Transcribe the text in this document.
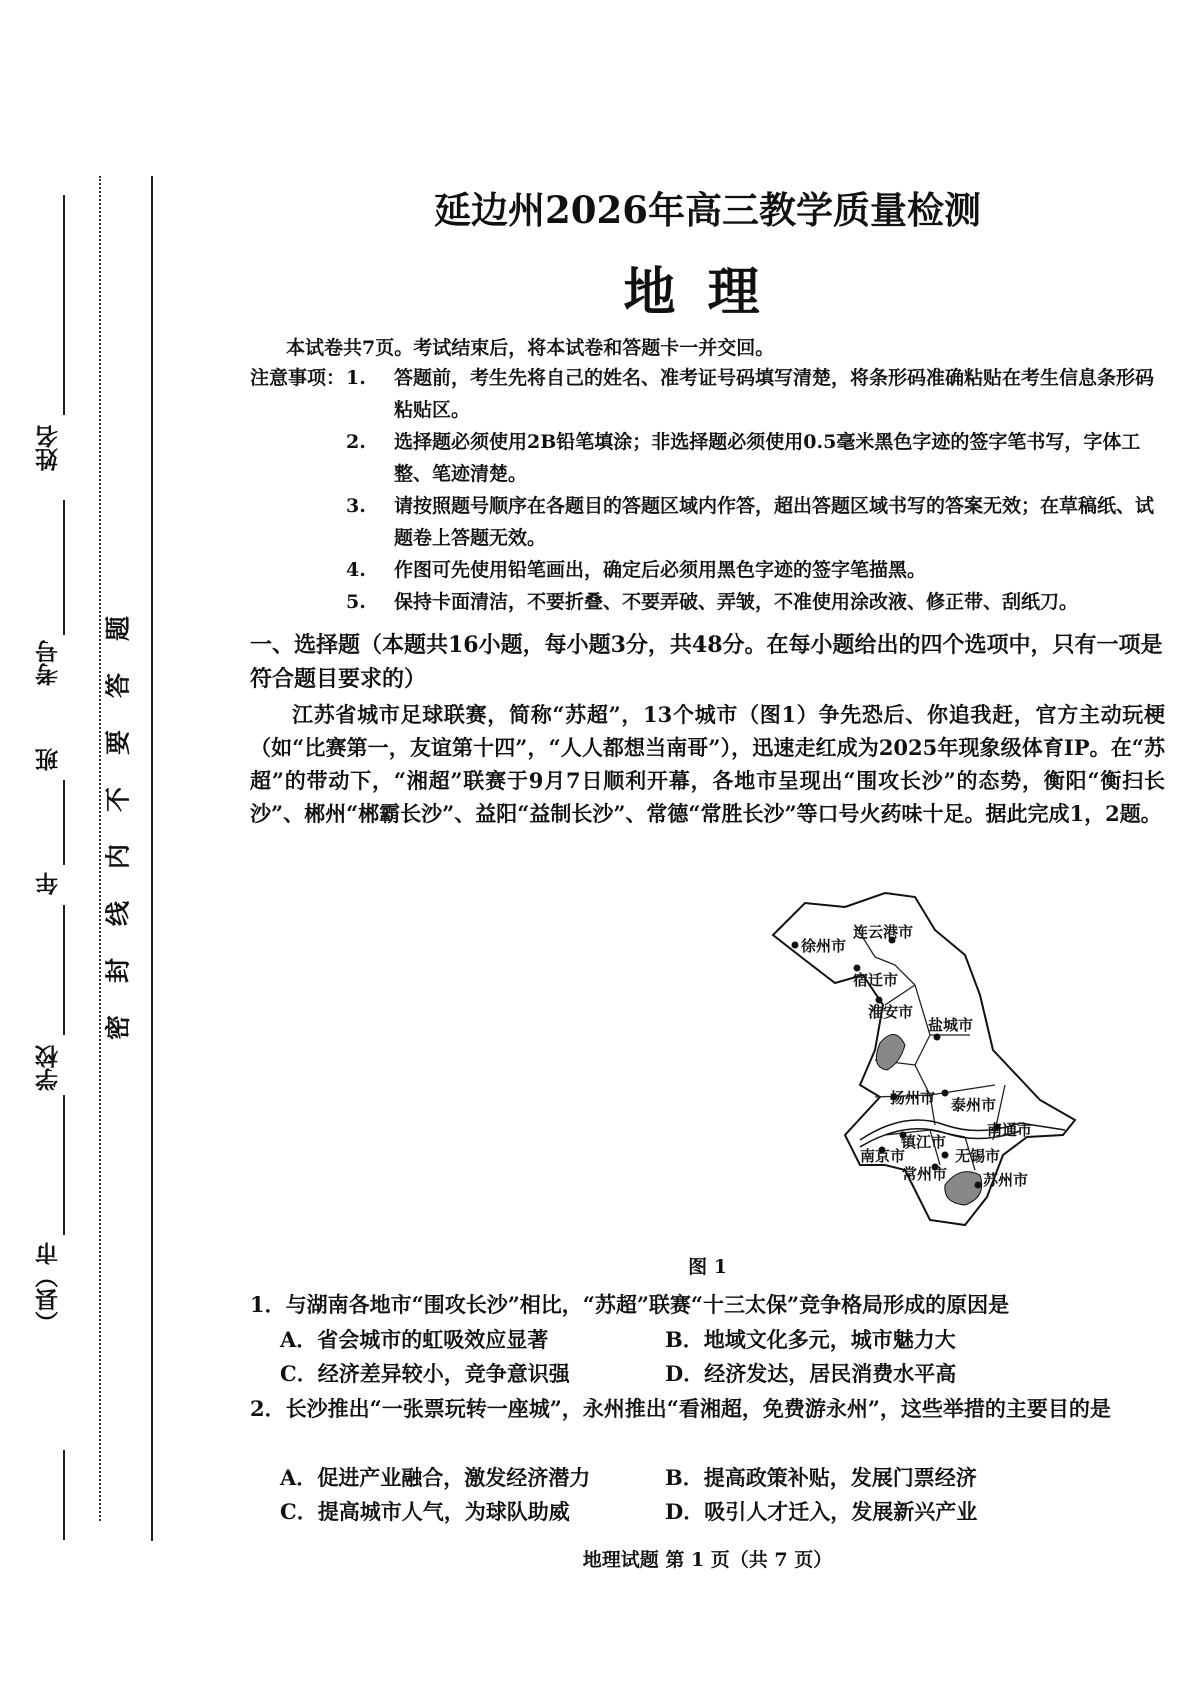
（县）市
学校
年
班
考号
姓名
题
答
要
不
内
线
封
密
延边州2026年高三教学质量检测
地理
本试卷共7页。考试结束后，将本试卷和答题卡一并交回。
注意事项： 1.	答题前，考生先将自己的姓名、准考证号码填写清楚，将条形码准确粘贴在考生信息条形码粘贴区。
2.	选择题必须使用2B铅笔填涂；非选择题必须使用0.5毫米黑色字迹的签字笔书写，字体工整、笔迹清楚。
3.	请按照题号顺序在各题目的答题区域内作答，超出答题区域书写的答案无效；在草稿纸、试题卷上答题无效。
4.	作图可先使用铅笔画出，确定后必须用黑色字迹的签字笔描黑。
5.	保持卡面清洁，不要折叠、不要弄破、弄皱，不准使用涂改液、修正带、刮纸刀。
一、选择题（本题共16小题，每小题3分，共48分。在每小题给出的四个选项中，只有一项是符合题目要求的）
江苏省城市足球联赛，简称“苏超”，13个城市（图1）争先恐后、你追我赶，官方主动玩梗（如“比赛第一，友谊第十四”，“人人都想当南哥”），迅速走红成为2025年现象级体育IP。在“苏超”的带动下，“湘超”联赛于9月7日顺利开幕，各地市呈现出“围攻长沙”的态势，衡阳“衡扫长沙”、郴州“郴霸长沙”、益阳“益制长沙”、常德“常胜长沙”等口号火药味十足。据此完成1，2题。
徐州市
连云港市
宿迁市
淮安市
盐城市
扬州市 泰州市
南通市
镇江市
南京市	无锡市
常州市 苏州市
图 1
1．与湖南各地市“围攻长沙”相比，“苏超”联赛“十三太保”竞争格局形成的原因是
A．省会城市的虹吸效应显著	B．地域文化多元，城市魅力大
C．经济差异较小，竞争意识强	D．经济发达，居民消费水平高
2．长沙推出“一张票玩转一座城”，永州推出“看湘超，免费游永州”，这些举措的主要目的是
A．促进产业融合，激发经济潜力	B．提高政策补贴，发展门票经济
C．提高城市人气，为球队助威	D．吸引人才迁入，发展新兴产业
地理试题 第 1 页（共 7 页）
